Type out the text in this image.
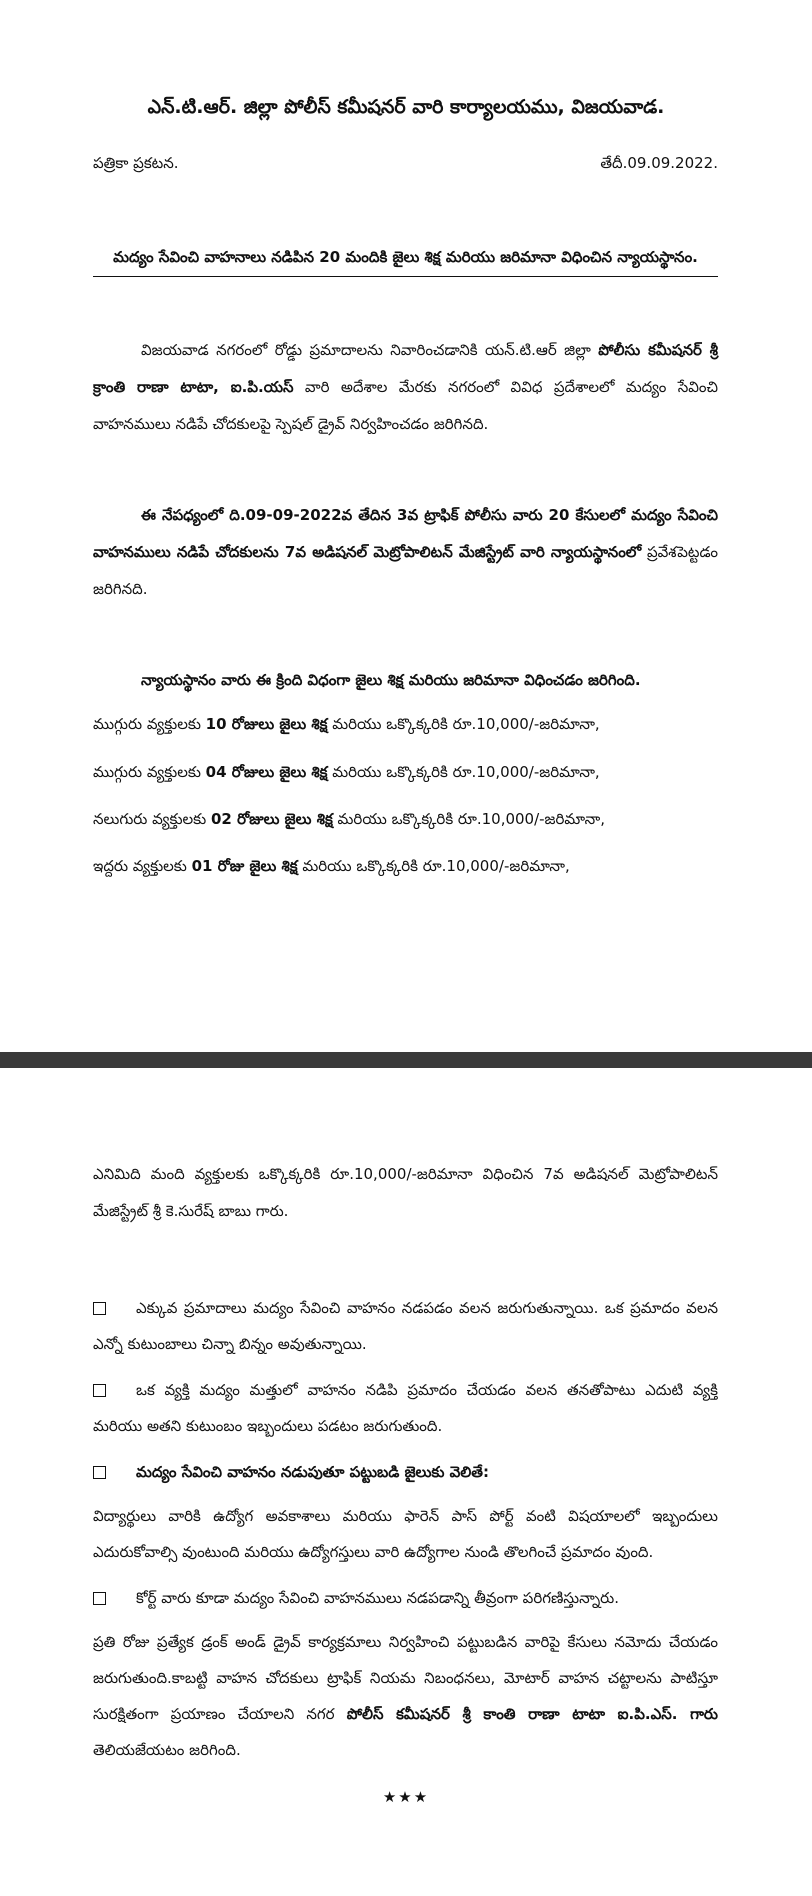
ఎన్.టి.ఆర్. జిల్లా పోలీస్ కమీషనర్ వారి కార్యాలయము, విజయవాడ.
పత్రికా ప్రకటన.	తేదీ.09.09.2022.
మద్యం సేవించి వాహనాలు నడిపిన 20 మందికి జైలు శిక్ష మరియు జరిమానా విధించిన న్యాయస్థానం.

విజయవాడ నగరంలో రోడ్డు ప్రమాదాలను నివారించడానికి యన్.టి.ఆర్ జిల్లా పోలీసు కమీషనర్ శ్రీ క్రాంతి రాణా టాటా, ఐ.పి.యస్ వారి అదేశాల మేరకు నగరంలో వివిధ ప్రదేశాలలో మద్యం సేవించి వాహనములు నడిపే చోదకులపై స్పెషల్ డ్రైవ్ నిర్వహించడం జరిగినది.

ఈ నేపధ్యంలో ది.09-09-2022వ తేదిన 3వ ట్రాఫిక్ పోలీసు వారు 20 కేసులలో మద్యం సేవించి వాహనములు నడిపే చోదకులను 7వ అడిషనల్ మెట్రోపాలిటన్ మేజిస్ట్రేట్ వారి న్యాయస్థానంలో ప్రవేశపెట్టడం జరిగినది.

న్యాయస్థానం వారు ఈ క్రింది విధంగా జైలు శిక్ష మరియు జరిమానా విధించడం జరిగింది.

ముగ్గురు వ్యక్తులకు 10 రోజులు జైలు శిక్ష మరియు ఒక్కొక్కరికి రూ.10,000/-జరిమానా,
ముగ్గురు వ్యక్తులకు 04 రోజులు జైలు శిక్ష మరియు ఒక్కొక్కరికి రూ.10,000/-జరిమానా,
నలుగురు వ్యక్తులకు 02 రోజులు జైలు శిక్ష మరియు ఒక్కొక్కరికి రూ.10,000/-జరిమానా,
ఇద్దరు వ్యక్తులకు 01 రోజు జైలు శిక్ష మరియు ఒక్కొక్కరికి రూ.10,000/-జరిమానా,

ఎనిమిది మంది వ్యక్తులకు ఒక్కొక్కరికి రూ.10,000/-జరిమానా విధించిన 7వ అడిషనల్ మెట్రోపాలిటన్ మేజిస్ట్రేట్ శ్రీ కె.సురేష్ బాబు గారు.

ఎక్కువ ప్రమాదాలు మద్యం సేవించి వాహనం నడపడం వలన జరుగుతున్నాయి. ఒక ప్రమాదం వలన ఎన్నో కుటుంబాలు చిన్నా బిన్నం అవుతున్నాయి.
ఒక వ్యక్తి మద్యం మత్తులో వాహనం నడిపి ప్రమాదం చేయడం వలన తనతోపాటు ఎదుటి వ్యక్తి మరియు అతని కుటుంబం ఇబ్బందులు పడటం జరుగుతుంది.
మద్యం సేవించి వాహనం నడుపుతూ పట్టుబడి జైలుకు వెలితే:

విద్యార్థులు వారికి ఉద్యోగ అవకాశాలు మరియు ఫారెన్ పాస్ పోర్ట్ వంటి విషయాలలో ఇబ్బందులు ఎదురుకోవాల్సి వుంటుంది మరియు ఉద్యోగస్తులు వారి ఉద్యోగాల నుండి తొలగించే ప్రమాదం వుంది.

కోర్ట్ వారు కూడా మద్యం సేవించి వాహనములు నడపడాన్ని తీవ్రంగా పరిగణిస్తున్నారు.

ప్రతి రోజు ప్రత్యేక డ్రంక్ అండ్ డ్రైవ్ కార్యక్రమాలు నిర్వహించి పట్టుబడిన వారిపై కేసులు నమోదు చేయడం జరుగుతుంది.కాబట్టి వాహన చోదకులు ట్రాఫిక్ నియమ నిబంధనలు, మోటార్ వాహన చట్టాలను పాటిస్తూ సురక్షితంగా ప్రయాణం చేయాలని నగర పోలీస్ కమీషనర్ శ్రీ కాంతి రాణా టాటా ఐ.పి.ఎస్. గారు తెలియజేయటం జరిగింది.

★★★
